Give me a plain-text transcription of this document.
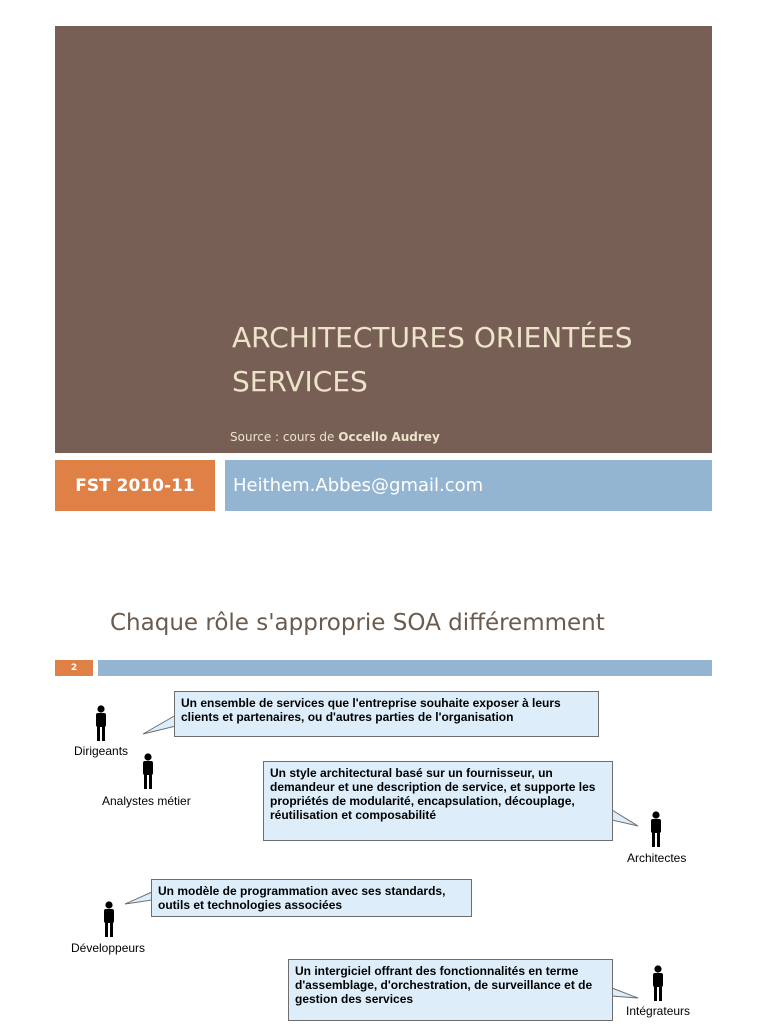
ARCHITECTURES ORIENTÉES
SERVICES
Source : cours de Occello Audrey
FST 2010-11 Heithem.Abbes@gmail.com
Chaque rôle s'approprie SOA différemment
2
Un ensemble de services que l'entreprise souhaite exposer à leurs clients et partenaires, ou d'autres parties de l'organisation
Un style architectural basé sur un fournisseur, un demandeur et une description de service, et supporte les propriétés de modularité, encapsulation, découplage, réutilisation et composabilité
Un modèle de programmation avec ses standards, outils et technologies associées
Un intergiciel offrant des fonctionnalités en terme d'assemblage, d'orchestration, de surveillance et de gestion des services
Dirigeants
Analystes métier
Architectes
Développeurs
Intégrateurs
